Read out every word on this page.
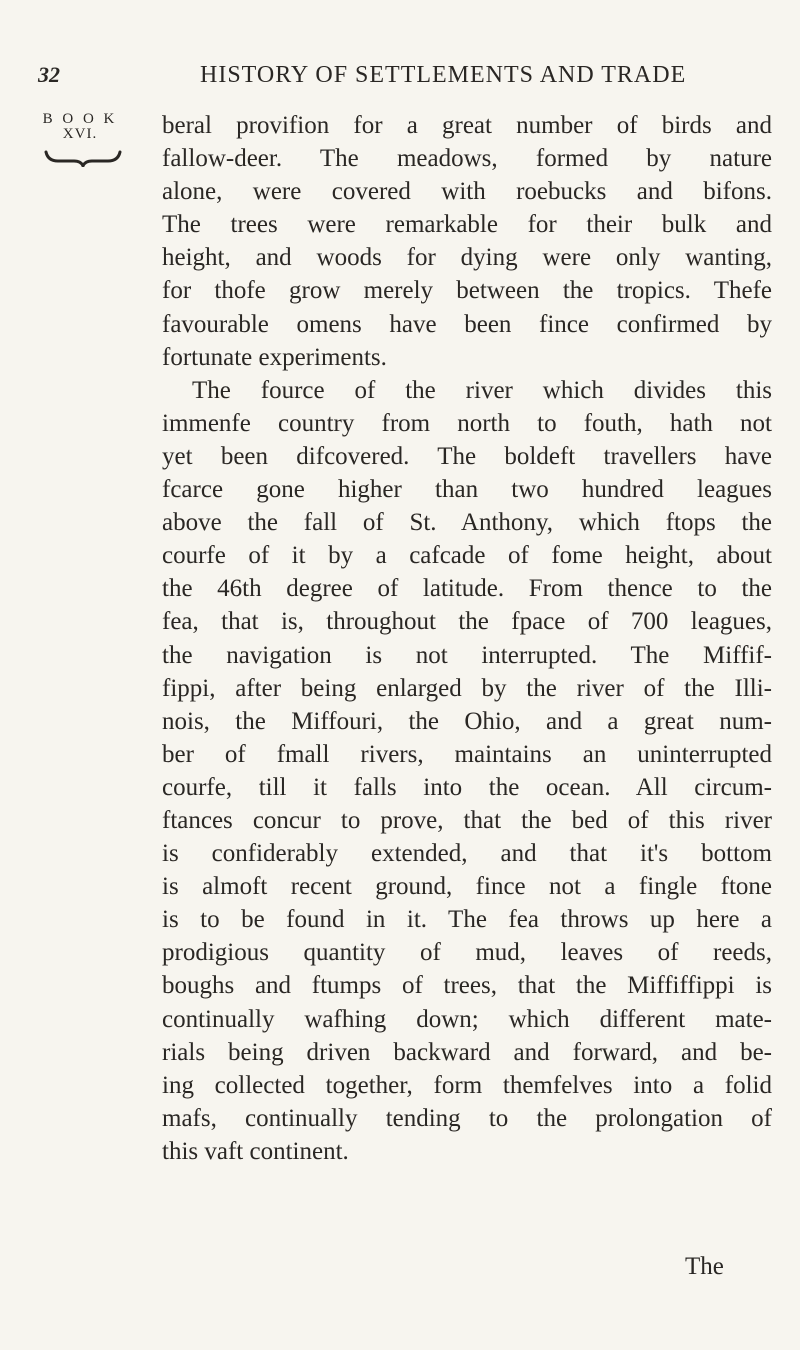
32	HISTORY OF SETTLEMENTS AND TRADE
B O O K
XVI.	beral provifion for a great number of birds and
fallow-deer. The meadows, formed by nature
alone, were covered with roebucks and bifons.
The trees were remarkable for their bulk and
height, and woods for dying were only wanting,
for thofe grow merely between the tropics. Thefe
favourable omens have been fince confirmed by
fortunate experiments.
The fource of the river which divides this
immenfe country from north to fouth, hath not
yet been difcovered. The boldeft travellers have
fcarce gone higher than two hundred leagues
above the fall of St. Anthony, which ftops the
courfe of it by a cafcade of fome height, about
the 46th degree of latitude. From thence to the
fea, that is, throughout the fpace of 700 leagues,
the navigation is not interrupted. The Miffif-
fippi, after being enlarged by the river of the Illi-
nois, the Miffouri, the Ohio, and a great num-
ber of fmall rivers, maintains an uninterrupted
courfe, till it falls into the ocean. All circum-
ftances concur to prove, that the bed of this river
is confiderably extended, and that it's bottom
is almoft recent ground, fince not a fingle ftone
is to be found in it. The fea throws up here a
prodigious quantity of mud, leaves of reeds,
boughs and ftumps of trees, that the Miffiffippi is
continually wafhing down; which different mate-
rials being driven backward and forward, and be-
ing collected together, form themfelves into a folid
mafs, continually tending to the prolongation of
this vaft continent.
The
